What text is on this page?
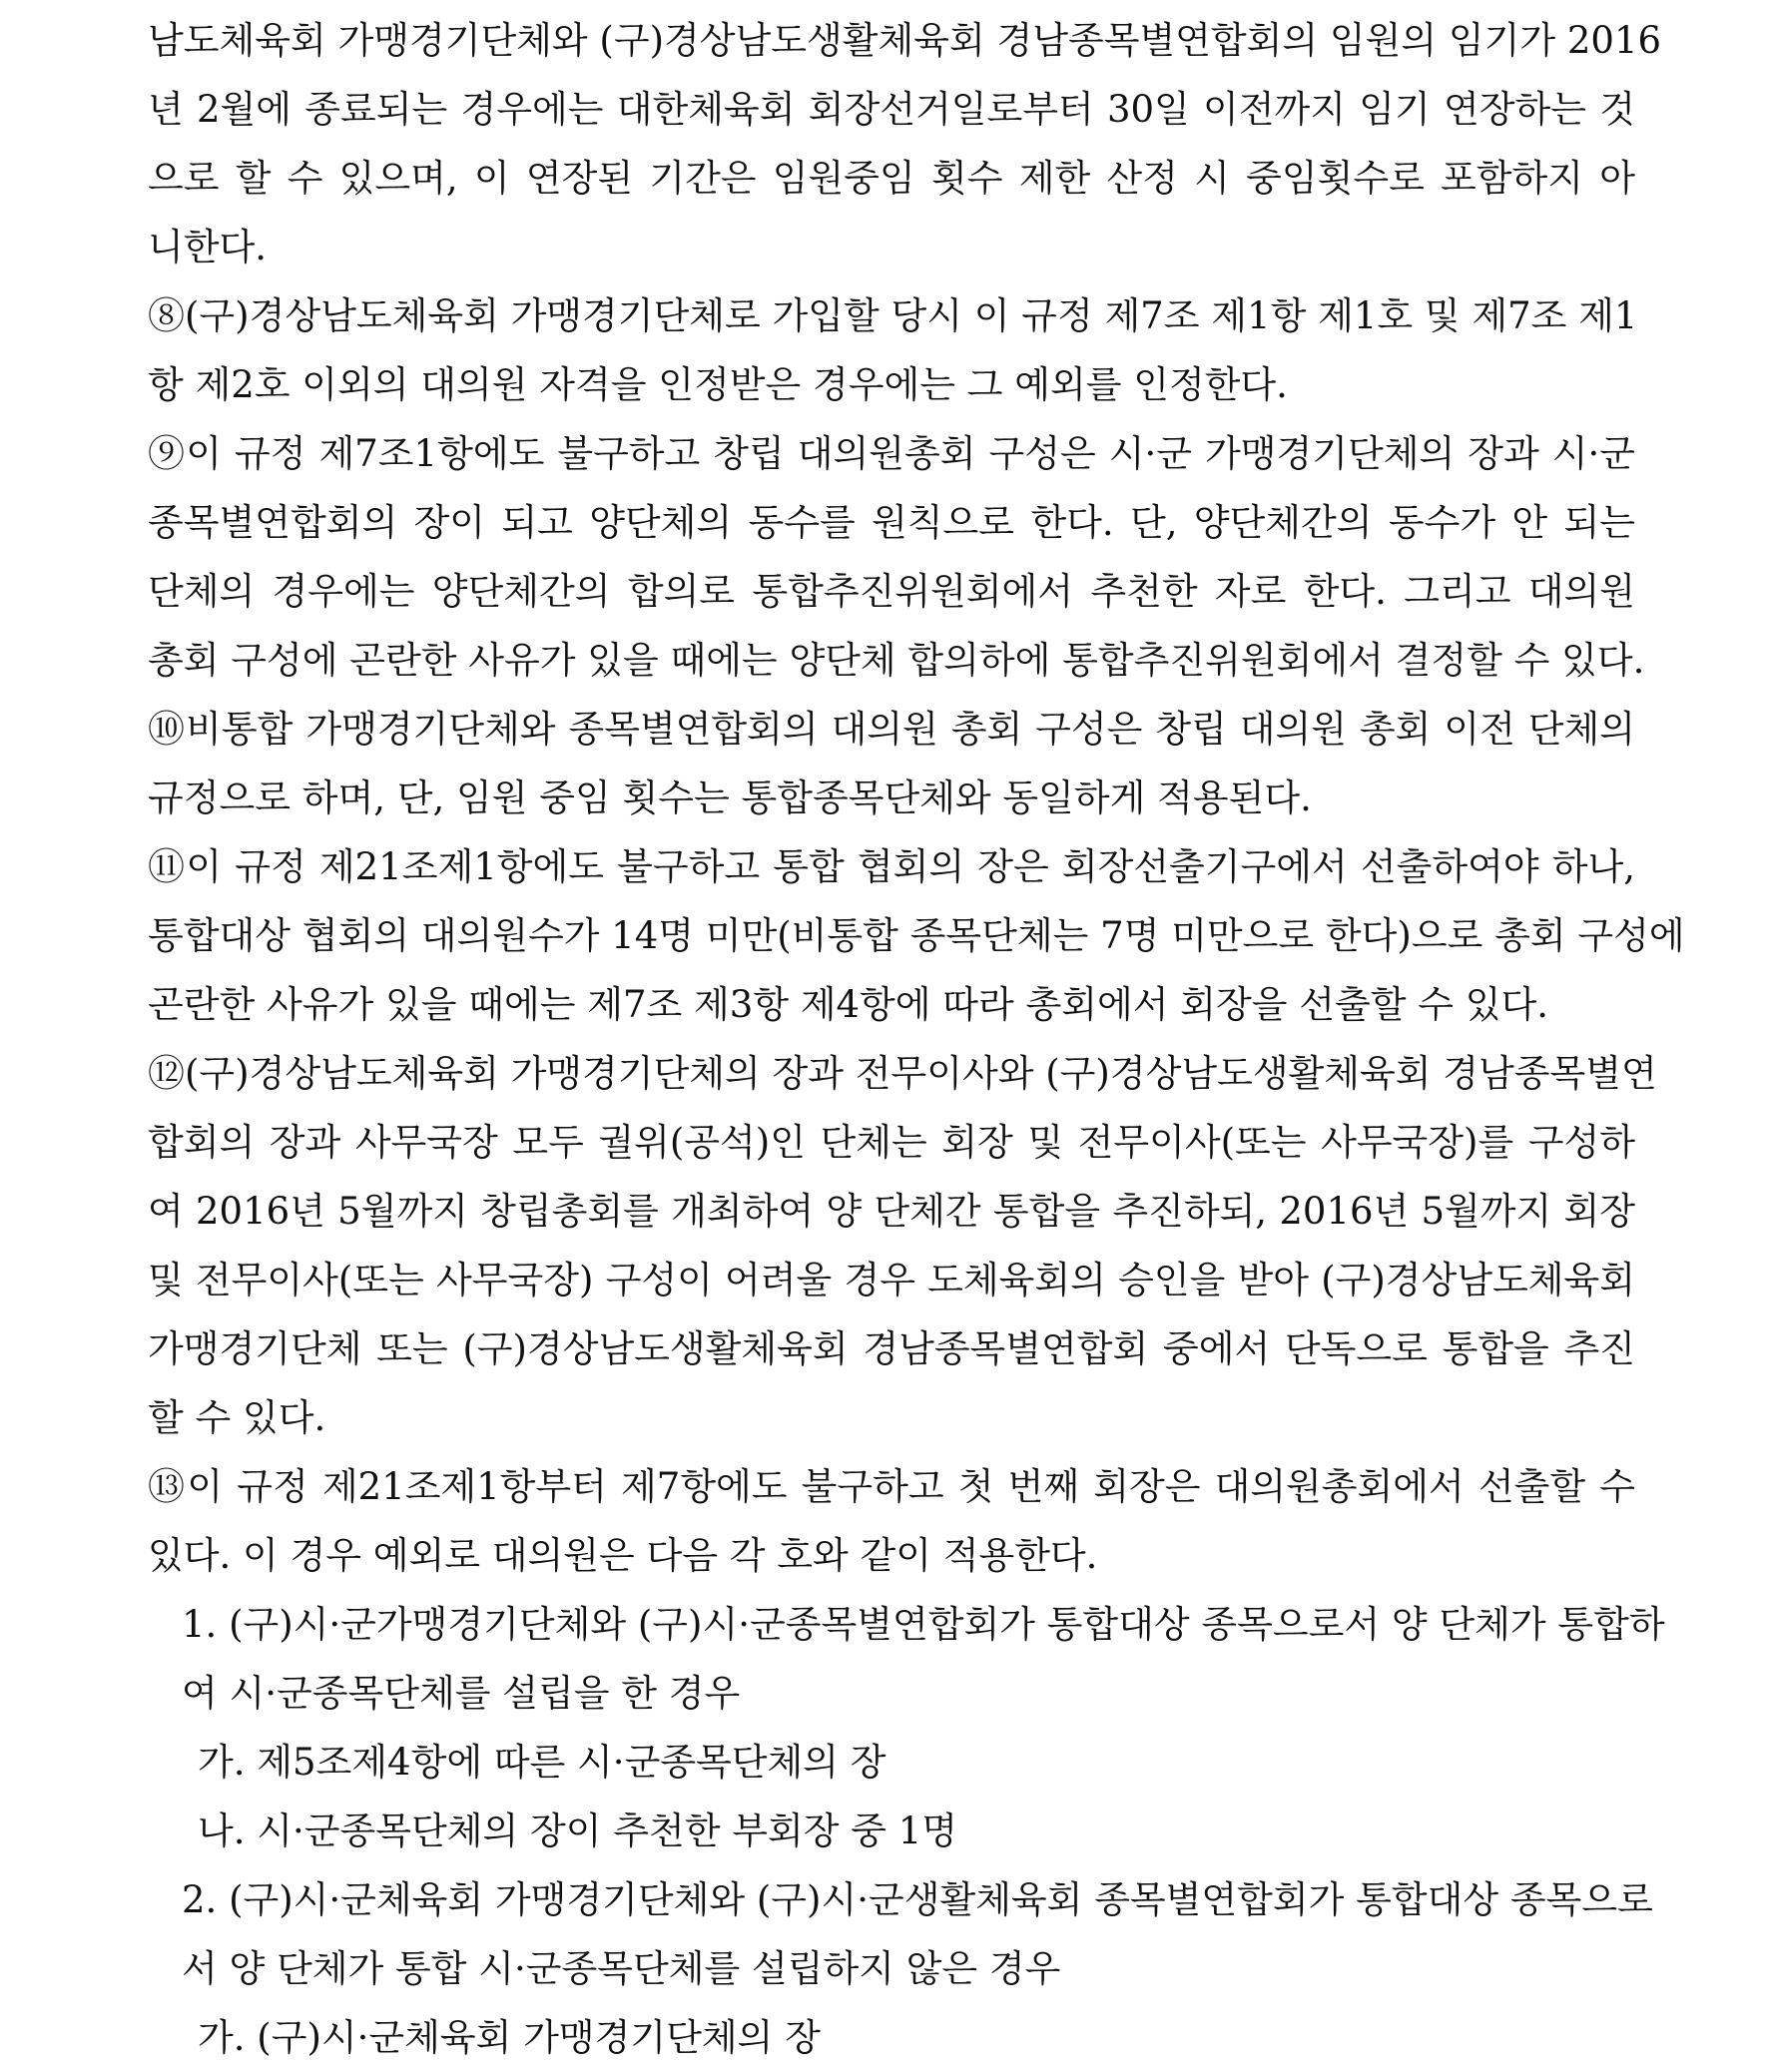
남도체육회 가맹경기단체와 (구)경상남도생활체육회 경남종목별연합회의 임원의 임기가 2016
년 2월에 종료되는 경우에는 대한체육회 회장선거일로부터 30일 이전까지 임기 연장하는 것
으로 할 수 있으며, 이 연장된 기간은 임원중임 횟수 제한 산정 시 중임횟수로 포함하지 아
니한다.
⑧(구)경상남도체육회 가맹경기단체로 가입할 당시 이 규정 제7조 제1항 제1호 및 제7조 제1
항 제2호 이외의 대의원 자격을 인정받은 경우에는 그 예외를 인정한다.
⑨이 규정 제7조1항에도 불구하고 창립 대의원총회 구성은 시·군 가맹경기단체의 장과 시·군
종목별연합회의 장이 되고 양단체의 동수를 원칙으로 한다. 단, 양단체간의 동수가 안 되는
단체의 경우에는 양단체간의 합의로 통합추진위원회에서 추천한 자로 한다. 그리고 대의원
총회 구성에 곤란한 사유가 있을 때에는 양단체 합의하에 통합추진위원회에서 결정할 수 있다.
⑩비통합 가맹경기단체와 종목별연합회의 대의원 총회 구성은 창립 대의원 총회 이전 단체의
규정으로 하며, 단, 임원 중임 횟수는 통합종목단체와 동일하게 적용된다.
⑪이 규정 제21조제1항에도 불구하고 통합 협회의 장은 회장선출기구에서 선출하여야 하나,
통합대상 협회의 대의원수가 14명 미만(비통합 종목단체는 7명 미만으로 한다)으로 총회 구성에
곤란한 사유가 있을 때에는 제7조 제3항 제4항에 따라 총회에서 회장을 선출할 수 있다.
⑫(구)경상남도체육회 가맹경기단체의 장과 전무이사와 (구)경상남도생활체육회 경남종목별연
합회의 장과 사무국장 모두 궐위(공석)인 단체는 회장 및 전무이사(또는 사무국장)를 구성하
여 2016년 5월까지 창립총회를 개최하여 양 단체간 통합을 추진하되, 2016년 5월까지 회장
및 전무이사(또는 사무국장) 구성이 어려울 경우 도체육회의 승인을 받아 (구)경상남도체육회
가맹경기단체 또는 (구)경상남도생활체육회 경남종목별연합회 중에서 단독으로 통합을 추진
할 수 있다.
⑬이 규정 제21조제1항부터 제7항에도 불구하고 첫 번째 회장은 대의원총회에서 선출할 수
있다. 이 경우 예외로 대의원은 다음 각 호와 같이 적용한다.
1. (구)시·군가맹경기단체와 (구)시·군종목별연합회가 통합대상 종목으로서 양 단체가 통합하
여 시·군종목단체를 설립을 한 경우
가. 제5조제4항에 따른 시·군종목단체의 장
나. 시·군종목단체의 장이 추천한 부회장 중 1명
2. (구)시·군체육회 가맹경기단체와 (구)시·군생활체육회 종목별연합회가 통합대상 종목으로
서 양 단체가 통합 시·군종목단체를 설립하지 않은 경우
가. (구)시·군체육회 가맹경기단체의 장
